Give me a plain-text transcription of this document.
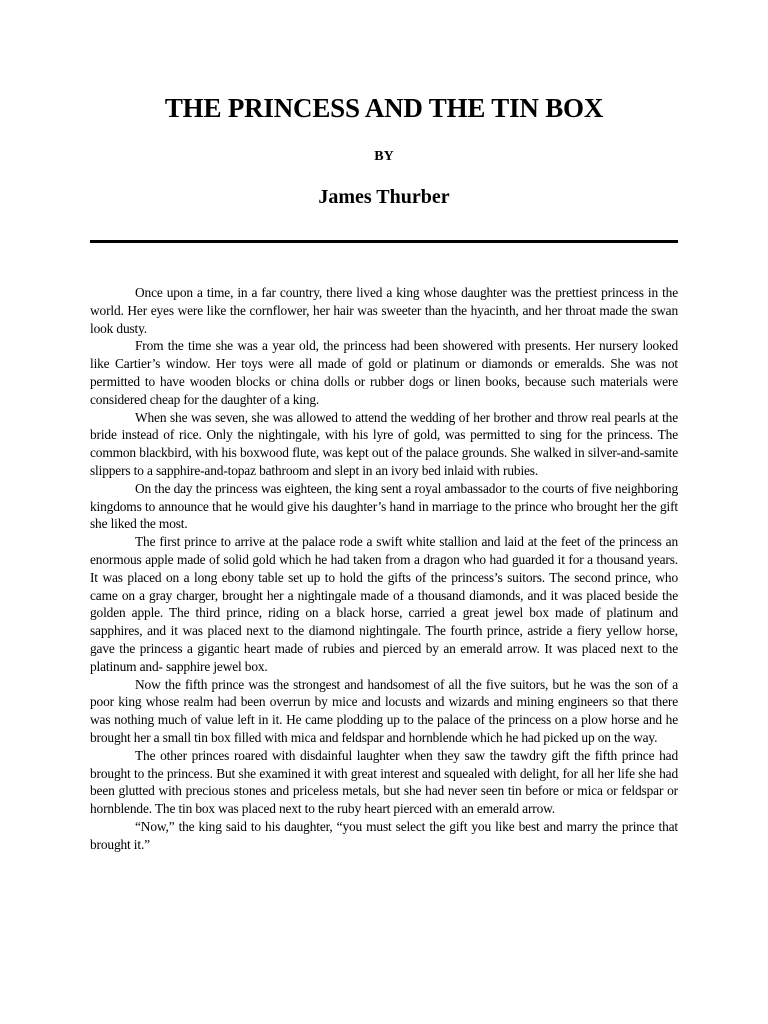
THE PRINCESS AND THE TIN BOX
BY
James Thurber

Once upon a time, in a far country, there lived a king whose daughter was the prettiest princess in the world. Her eyes were like the cornflower, her hair was sweeter than the hyacinth, and her throat made the swan look dusty.

From the time she was a year old, the princess had been showered with presents. Her nursery looked like Cartier’s window. Her toys were all made of gold or platinum or diamonds or emeralds. She was not permitted to have wooden blocks or china dolls or rubber dogs or linen books, because such materials were considered cheap for the daughter of a king.

When she was seven, she was allowed to attend the wedding of her brother and throw real pearls at the bride instead of rice. Only the nightingale, with his lyre of gold, was permitted to sing for the princess. The common blackbird, with his boxwood flute, was kept out of the palace grounds. She walked in silver-and-samite slippers to a sapphire-and-topaz bathroom and slept in an ivory bed inlaid with rubies.

On the day the princess was eighteen, the king sent a royal ambassador to the courts of five neighboring kingdoms to announce that he would give his daughter’s hand in marriage to the prince who brought her the gift she liked the most.

The first prince to arrive at the palace rode a swift white stallion and laid at the feet of the princess an enormous apple made of solid gold which he had taken from a dragon who had guarded it for a thousand years. It was placed on a long ebony table set up to hold the gifts of the princess’s suitors. The second prince, who came on a gray charger, brought her a nightingale made of a thousand diamonds, and it was placed beside the golden apple. The third prince, riding on a black horse, carried a great jewel box made of platinum and sapphires, and it was placed next to the diamond nightingale. The fourth prince, astride a fiery yellow horse, gave the princess a gigantic heart made of rubies and pierced by an emerald arrow. It was placed next to the platinum and- sapphire jewel box.

Now the fifth prince was the strongest and handsomest of all the five suitors, but he was the son of a poor king whose realm had been overrun by mice and locusts and wizards and mining engineers so that there was nothing much of value left in it. He came plodding up to the palace of the princess on a plow horse and he brought her a small tin box filled with mica and feldspar and hornblende which he had picked up on the way.

The other princes roared with disdainful laughter when they saw the tawdry gift the fifth prince had brought to the princess. But she examined it with great interest and squealed with delight, for all her life she had been glutted with precious stones and priceless metals, but she had never seen tin before or mica or feldspar or hornblende. The tin box was placed next to the ruby heart pierced with an emerald arrow.

“Now,” the king said to his daughter, “you must select the gift you like best and marry the prince that brought it.”
